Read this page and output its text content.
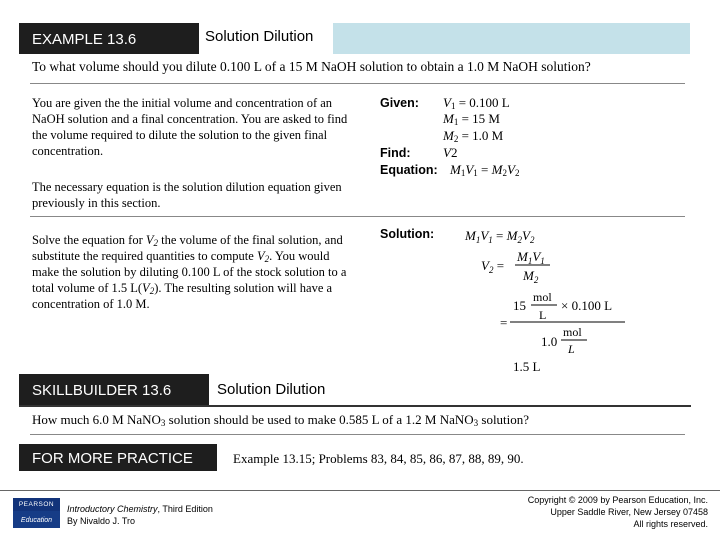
Solution Dilution
EXAMPLE 13.6
To what volume should you dilute 0.100 L of a 15 M NaOH solution to obtain a 1.0 M NaOH solution?
You are given the the initial volume and concentration of an NaOH solution and a final concentration. You are asked to find the volume required to dilute the solution to the given final concentration.
The necessary equation is the solution dilution equation given previously in this section.
Solve the equation for $V_2$ the volume of the final solution, and substitute the required quantities to compute $V_2$. You would make the solution by diluting 0.100 L of the stock solution to a total volume of 1.5 $L(V_2)$. The resulting solution will have a concentration of 1.0 M.
Given: $V_1 = 0.100$ L
$M_1 = 15$ M
$M_2 = 1.0$ M
Find: V2
Equation: $M_1V_1 = M_2V_2$
Solution: $M_1V_1 = M_2V_2$
$V_2$ =
$M_1V_1$
$M_2$
15
mol
L
× 0.100 L
=
1.0
mol
L
1.5 L
SKILLBUILDER 13.6	Solution Dilution
How much 6.0 M NaNO$_3$ solution should be used to make 0.585 L of a 1.2 M NaNO$_3$ solution?
FOR MORE PRACTICE	Example 13.15; Problems 83, 84, 85, 86, 87, 88, 89, 90.
PEARSON
Education
Introductory Chemistry, Third Edition
By Nivaldo J. Tro
Copyright © 2009 by Pearson Education, Inc.
Upper Saddle River, New Jersey 07458
All rights reserved.
